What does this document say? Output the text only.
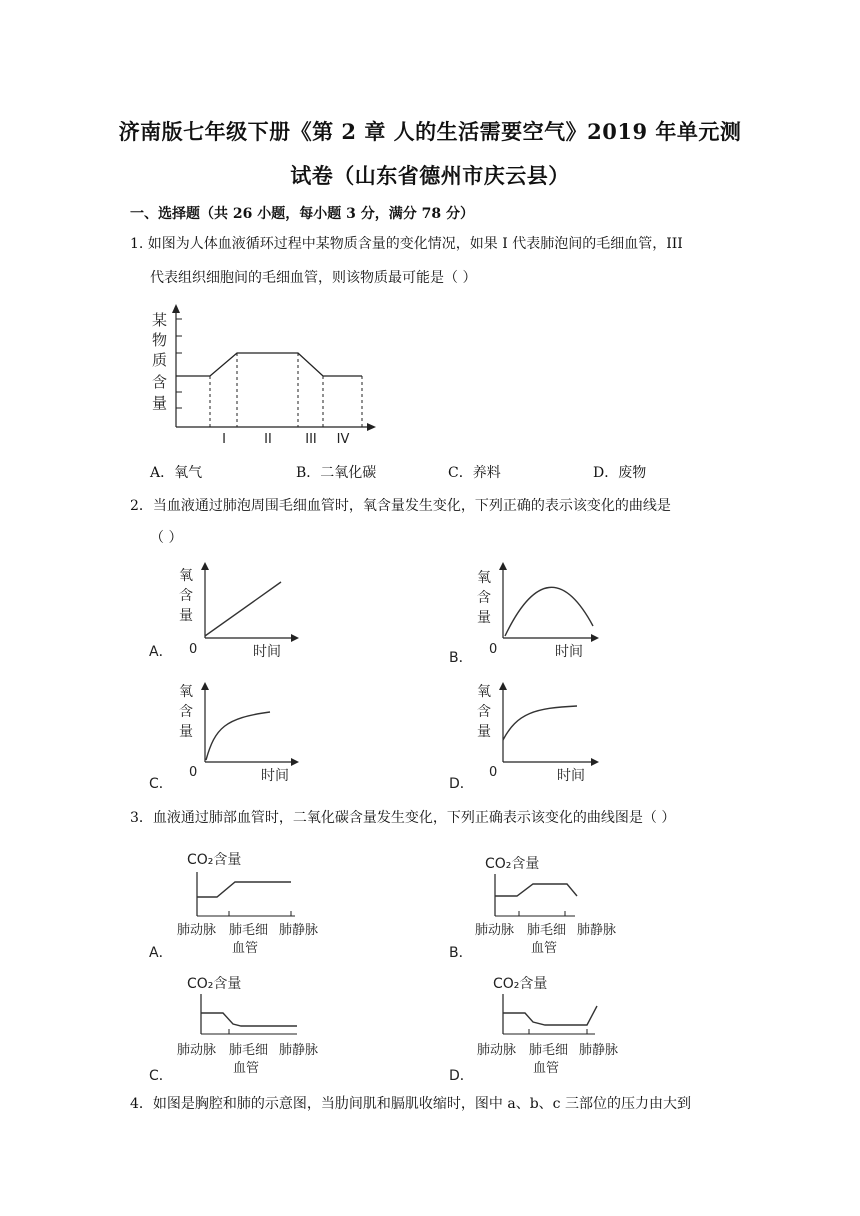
济南版七年级下册《第 2 章 人的生活需要空气》2019 年单元测
试卷（山东省德州市庆云县）
一、选择题（共 26 小题，每小题 3 分，满分 78 分）
1. 如图为人体血液循环过程中某物质含量的变化情况，如果 I 代表肺泡间的毛细血管，III
代表组织细胞间的毛细血管，则该物质最可能是（ ）
某
物
质
含
量
I	II	III IV
A．氧气	B．二氧化碳	C．养料	D．废物
2．当血液通过肺泡周围毛细血管时，氧含量发生变化，下列正确的表示该变化的曲线是
（ ）
A．
氧
含
量
0	时间	B．
氧
含
量
0	时间
C．
氧
含
量
0	时间	D．
氧
含
量
0	时间
3．血液通过肺部血管时，二氧化碳含量发生变化，下列正确表示该变化的曲线图是（ ）
A．
CO₂含量
肺动脉 肺毛细
血管
肺静脉
B．
CO₂含量
肺动脉 肺毛细
血管
肺静脉
C．
CO₂含量
肺动脉 肺毛细
血管
肺静脉
D．
CO₂含量
肺动脉 肺毛细
血管
肺静脉
4．如图是胸腔和肺的示意图，当肋间肌和膈肌收缩时，图中 a、b、c 三部位的压力由大到
